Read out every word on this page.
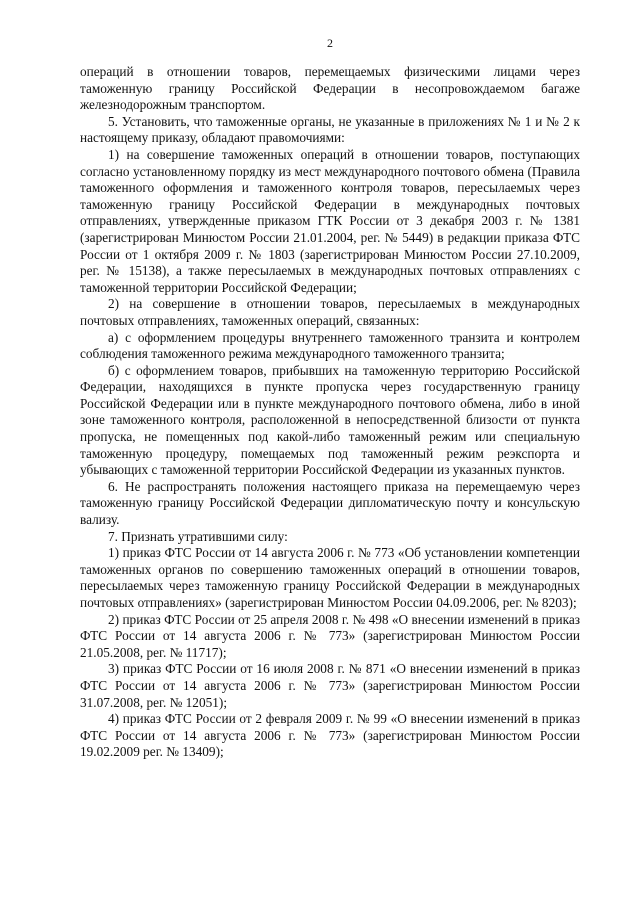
2

операций в отношении товаров, перемещаемых физическими лицами через таможенную границу Российской Федерации в несопровождаемом багаже железнодорожным транспортом.

5. Установить, что таможенные органы, не указанные в приложениях № 1 и № 2 к настоящему приказу, обладают правомочиями:

1) на совершение таможенных операций в отношении товаров, поступающих согласно установленному порядку из мест международного почтового обмена (Правила таможенного оформления и таможенного контроля товаров, пересылаемых через таможенную границу Российской Федерации в международных почтовых отправлениях, утвержденные приказом ГТК России от 3 декабря 2003 г. № 1381 (зарегистрирован Минюстом России 21.01.2004, рег. № 5449) в редакции приказа ФТС России от 1 октября 2009 г. № 1803 (зарегистрирован Минюстом России 27.10.2009, рег. № 15138), а также пересылаемых в международных почтовых отправлениях с таможенной территории Российской Федерации;

2) на совершение в отношении товаров, пересылаемых в международных почтовых отправлениях, таможенных операций, связанных:

а) с оформлением процедуры внутреннего таможенного транзита и контролем соблюдения таможенного режима международного таможенного транзита;

б) с оформлением товаров, прибывших на таможенную территорию Российской Федерации, находящихся в пункте пропуска через государственную границу Российской Федерации или в пункте международного почтового обмена, либо в иной зоне таможенного контроля, расположенной в непосредственной близости от пункта пропуска, не помещенных под какой-либо таможенный режим или специальную таможенную процедуру, помещаемых под таможенный режим реэкспорта и убывающих с таможенной территории Российской Федерации из указанных пунктов.

6. Не распространять положения настоящего приказа на перемещаемую через таможенную границу Российской Федерации дипломатическую почту и консульскую вализу.

7. Признать утратившими силу:

1) приказ ФТС России от 14 августа 2006 г. № 773 «Об установлении компетенции таможенных органов по совершению таможенных операций в отношении товаров, пересылаемых через таможенную границу Российской Федерации в международных почтовых отправлениях» (зарегистрирован Минюстом России 04.09.2006, рег. № 8203);

2) приказ ФТС России от 25 апреля 2008 г. № 498 «О внесении изменений в приказ ФТС России от 14 августа 2006 г. № 773» (зарегистрирован Минюстом России 21.05.2008, рег. № 11717);

3) приказ ФТС России от 16 июля 2008 г. № 871 «О внесении изменений в приказ ФТС России от 14 августа 2006 г. № 773» (зарегистрирован Минюстом России 31.07.2008, рег. № 12051);

4) приказ ФТС России от 2 февраля 2009 г. № 99 «О внесении изменений в приказ ФТС России от 14 августа 2006 г. № 773» (зарегистрирован Минюстом России 19.02.2009 рег. № 13409);
